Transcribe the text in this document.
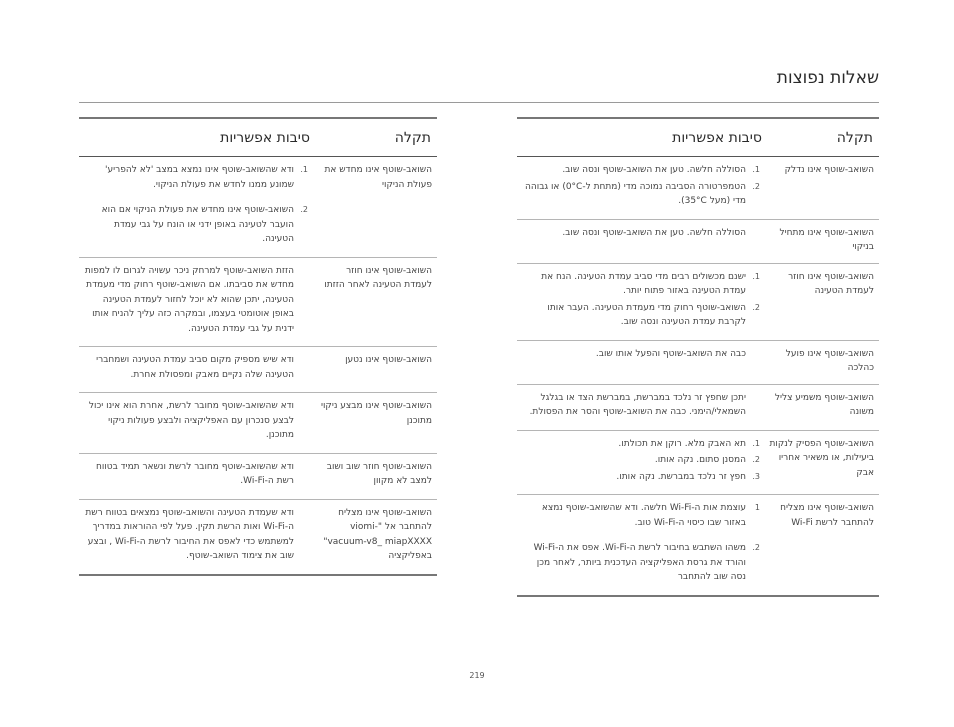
שאלות נפוצות
תקלה
סיבות אפשריות
השואב-שוטף אינו נדלק
1.
הסוללה חלשה. טען את השואב-שוטף ונסה שוב.
2.
הטמפרטורה הסביבה נמוכה מדי (מתחת ל-0°C) או גבוהה מדי (מעל 35°C).
השואב-שוטף אינו מתחיל בניקוי
הסוללה חלשה. טען את השואב-שוטף ונסה שוב.
השואב-שוטף אינו חוזר לעמדת הטעינה
1.
ישנם מכשולים רבים מדי סביב עמדת הטעינה. הנח את עמדת הטעינה באזור פתוח יותר.
2.
השואב-שוטף רחוק מדי מעמדת הטעינה. העבר אותו לקרבת עמדת הטעינה ונסה שוב.
השואב-שוטף אינו פועל כהלכה
כבה את השואב-שוטף והפעל אותו שוב.
השואב-שוטף משמיע צליל משונה
יתכן שחפץ זר נלכד במברשת, במברשת הצד או בגלגל השמאלי/הימני. כבה את השואב-שוטף והסר את הפסולת.
השואב-שוטף הפסיק לנקות ביעילות, או משאיר אחריו אבק
1.
תא האבק מלא. רוקן את תכולתו.
2.
המסנן סתום. נקה אותו.
3.
חפץ זר נלכד במברשת. נקה אותו.
השואב-שוטף אינו מצליח להתחבר לרשת Wi-Fi
1
עוצמת אות ה-Wi-Fi חלשה. ודא שהשואב-שוטף נמצא באזור שבו כיסוי ה-Wi-Fi טוב.
2.
משהו השתבש בחיבור לרשת ה-Wi-Fi. אפס את ה-Wi-Fi והורד את גרסת האפליקציה העדכנית ביותר, לאחר מכן נסה שוב להתחבר
תקלה
סיבות אפשריות
השואב-שוטף אינו מחדש את פעולת הניקוי
1.
ודא שהשואב-שוטף אינו נמצא במצב 'לא להפריע' שמונע ממנו לחדש את פעולת הניקוי.
2.
השואב-שוטף אינו מחדש את פעולת הניקוי אם הוא הועבר לטעינה באופן ידני או הונח על גבי עמדת הטעינה.
השואב-שוטף אינו חוזר לעמדת הטעינה לאחר הזזתו
הזזת השואב-שוטף למרחק ניכר עשויה לגרום לו למפות מחדש את סביבתו. אם השואב-שוטף רחוק מדי מעמדת הטעינה, יתכן שהוא לא יוכל לחזור לעמדת הטעינה באופן אוטומטי בעצמו, ובמקרה כזה עליך להניח אותו ידנית על גבי עמדת הטעינה.
השואב-שוטף אינו נטען
ודא שיש מספיק מקום סביב עמדת הטעינה ושמחברי הטעינה שלה נקיים מאבק ומפסולת אחרת.
השואב-שוטף אינו מבצע ניקוי מתוכנן
ודא שהשואב-שוטף מחובר לרשת, אחרת הוא אינו יכול לבצע סנכרון עם האפליקציה ולבצע פעולות ניקוי מתוכנן.
השואב-שוטף חוזר שוב ושוב למצב לא מקוון
ודא שהשואב-שוטף מחובר לרשת ונשאר תמיד בטווח רשת ה-Wi-Fi.
השואב-שוטף אינו מצליח להתחבר אל "viomi-vacuum-v8_ miapXXXX" באפליקציה
ודא שעמדת הטעינה והשואב-שוטף נמצאים בטווח רשת ה-Wi-Fi ואות הרשת תקין. פעל לפי ההוראות במדריך למשתמש כדי לאפס את החיבור לרשת ה-Wi-Fi , ובצע שוב את צימוד השואב-שוטף.
219
